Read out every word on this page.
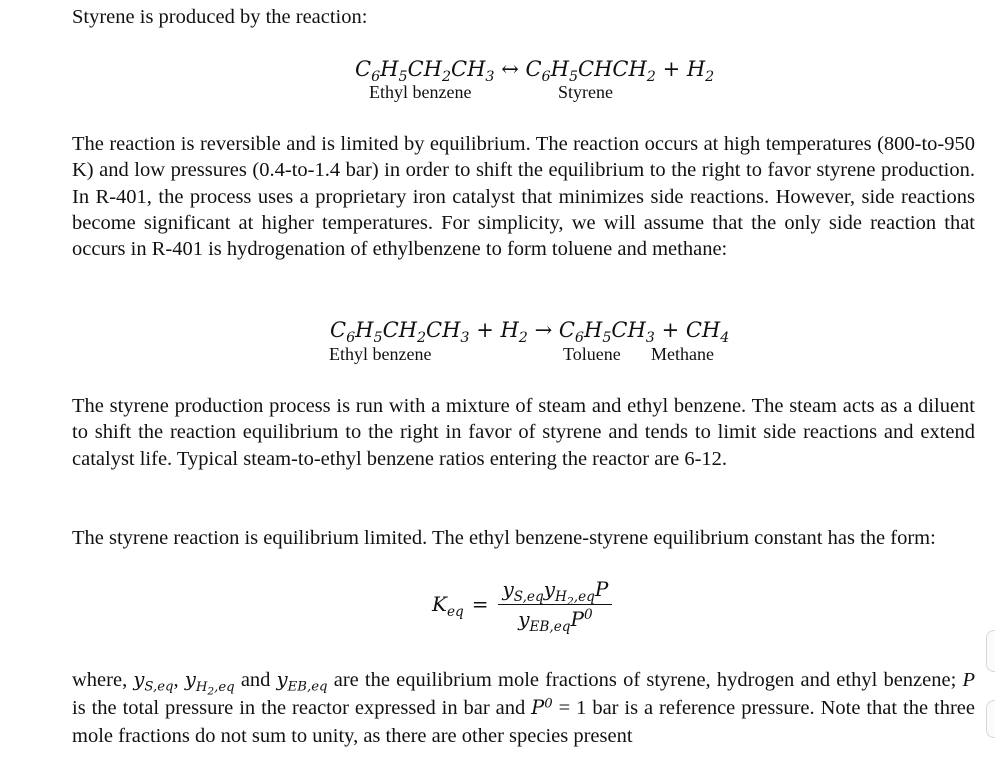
Styrene is produced by the reaction:

$C_6H_5CH_2CH_3$ ↔ $C_6H_5CHCH_2 + H_2$
Ethyl benzene	Styrene

The reaction is reversible and is limited by equilibrium. The reaction occurs at high temperatures (800-to-950 K) and low pressures (0.4-to-1.4 bar) in order to shift the equilibrium to the right to favor styrene production. In R-401, the process uses a proprietary iron catalyst that minimizes side reactions. However, side reactions become significant at higher temperatures. For simplicity, we will assume that the only side reaction that occurs in R-401 is hydrogenation of ethylbenzene to form toluene and methane:

$C_6H_5CH_2CH_3 + H_2 \to C_6H_5CH_3 + CH_4$
Ethyl benzene	Toluene Methane

The styrene production process is run with a mixture of steam and ethyl benzene. The steam acts as a diluent to shift the reaction equilibrium to the right in favor of styrene and tends to limit side reactions and extend catalyst life. Typical steam-to-ethyl benzene ratios entering the reactor are 6-12.

The styrene reaction is equilibrium limited. The ethyl benzene-styrene equilibrium constant has the form:

$K_{eq} = \frac{y_{S,eq}y_{H_2,eq}P}{y_{EB,eq}P^0}$

where, $y_{S,eq}$, $y_{H_2,eq}$ and $y_{EB,eq}$ are the equilibrium mole fractions of styrene, hydrogen and ethyl benzene; P is the total pressure in the reactor expressed in bar and $P^0 = 1$ bar is a reference pressure. Note that the three mole fractions do not sum to unity, as there are other species present
